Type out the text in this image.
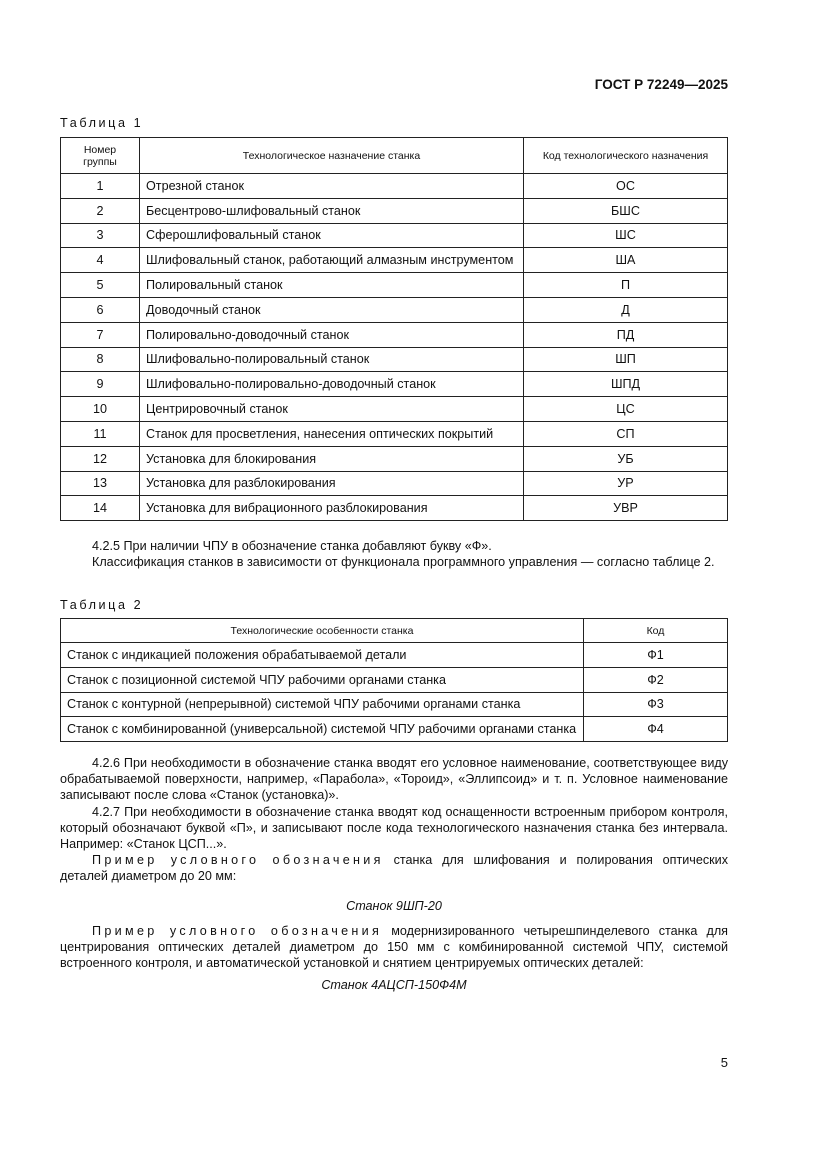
ГОСТ Р 72249—2025
Таблица 1
Номер группы	Технологическое назначение станка	Код технологического назначения
1	Отрезной станок	ОС
2	Бесцентрово-шлифовальный станок	БШС
3	Сферошлифовальный станок	ШС
4	Шлифовальный станок, работающий алмазным инструментом	ША
5	Полировальный станок	П
6	Доводочный станок	Д
7	Полировально-доводочный станок	ПД
8	Шлифовально-полировальный станок	ШП
9	Шлифовально-полировально-доводочный станок	ШПД
10	Центрировочный станок	ЦС
11	Станок для просветления, нанесения оптических покрытий	СП
12	Установка для блокирования	УБ
13	Установка для разблокирования	УР
14	Установка для вибрационного разблокирования	УВР

4.2.5 При наличии ЧПУ в обозначение станка добавляют букву «Ф».

Классификация станков в зависимости от функционала программного управления — согласно таблице 2.

Таблица 2
Технологические особенности станка	Код
Станок с индикацией положения обрабатываемой детали	Ф1
Станок с позиционной системой ЧПУ рабочими органами станка	Ф2
Станок с контурной (непрерывной) системой ЧПУ рабочими органами станка	Ф3
Станок с комбинированной (универсальной) системой ЧПУ рабочими органами станка	Ф4

4.2.6 При необходимости в обозначение станка вводят его условное наименование, соответствующее виду обрабатываемой поверхности, например, «Парабола», «Тороид», «Эллипсоид» и т. п. Условное наименование записывают после слова «Станок (установка)».

4.2.7 При необходимости в обозначение станка вводят код оснащенности встроенным прибором контроля, который обозначают буквой «П», и записывают после кода технологического назначения станка без интервала. Например: «Станок ЦСП...».

Пример условного обозначения станка для шлифования и полирования оптических деталей диаметром до 20 мм:

Станок 9ШП-20

Пример условного обозначения модернизированного четырешпинделевого станка для центрирования оптических деталей диаметром до 150 мм с комбинированной системой ЧПУ, системой встроенного контроля, и автоматической установкой и снятием центрируемых оптических деталей:

Станок 4АЦСП-150Ф4М
5
